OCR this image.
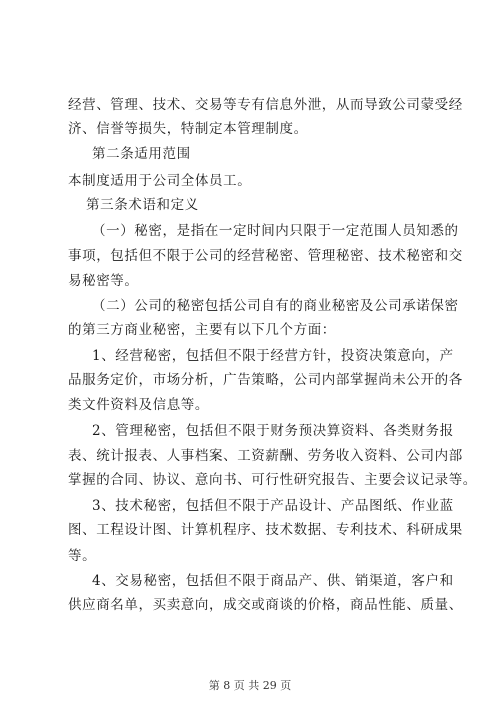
经营、管理、技术、交易等专有信息外泄，从而导致公司蒙受经
济、信誉等损失，特制定本管理制度。
第二条适用范围
本制度适用于公司全体员工。
第三条术语和定义
（一）秘密，是指在一定时间内只限于一定范围人员知悉的
事项，包括但不限于公司的经营秘密、管理秘密、技术秘密和交
易秘密等。
（二）公司的秘密包括公司自有的商业秘密及公司承诺保密
的第三方商业秘密，主要有以下几个方面：
1、经营秘密，包括但不限于经营方针，投资决策意向，产
品服务定价，市场分析，广告策略，公司内部掌握尚未公开的各
类文件资料及信息等。
2、管理秘密，包括但不限于财务预决算资料、各类财务报
表、统计报表、人事档案、工资薪酬、劳务收入资料、公司内部
掌握的合同、协议、意向书、可行性研究报告、主要会议记录等。
3、技术秘密，包括但不限于产品设计、产品图纸、作业蓝
图、工程设计图、计算机程序、技术数据、专利技术、科研成果
等。
4、交易秘密，包括但不限于商品产、供、销渠道，客户和
供应商名单，买卖意向，成交或商谈的价格，商品性能、质量、
第 8 页 共 29 页
